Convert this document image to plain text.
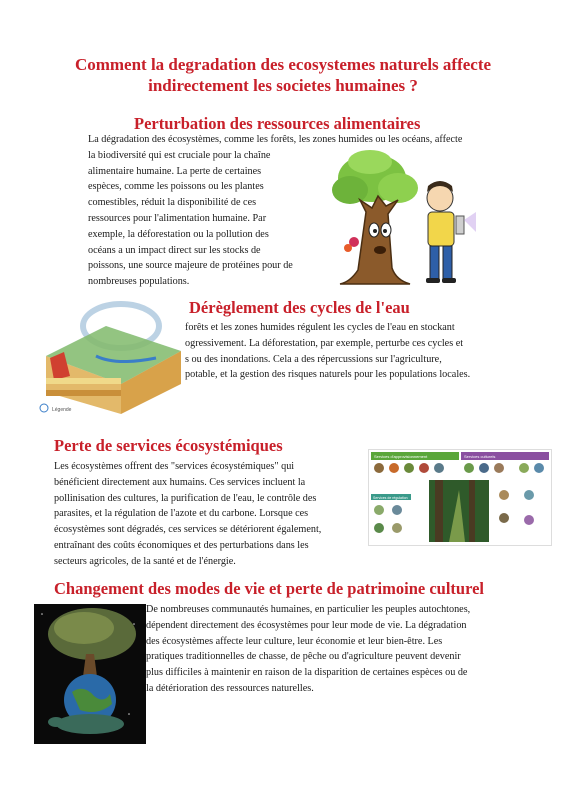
Comment la degradation des ecosystemes naturels affecte indirectement les societes humaines ?
Perturbation des ressources alimentaires
La dégradation des écosystèmes, comme les forêts, les zones humides ou les océans, affecte
la biodiversité qui est cruciale pour la chaîne
alimentaire humaine. La perte de certaines
espèces, comme les poissons ou les plantes
comestibles, réduit la disponibilité de ces
ressources pour l'alimentation humaine. Par
exemple, la déforestation ou la pollution des
océans a un impact direct sur les stocks de
poissons, une source majeure de protéines pour de
nombreuses populations.
Légende
Dérèglement des cycles de l'eau
forêts et les zones humides régulent les cycles de l'eau en stockant
ogressivement. La déforestation, par exemple, perturbe ces cycles et
s ou des inondations. Cela a des répercussions sur l'agriculture,
potable, et la gestion des risques naturels pour les populations locales.
Perte de services écosystémiques
Les écosystèmes offrent des "services écosystémiques" qui
bénéficient directement aux humains. Ces services incluent la
pollinisation des cultures, la purification de l'eau, le contrôle des
parasites, et la régulation de l'azote et du carbone. Lorsque ces
écosystèmes sont dégradés, ces services se détériorent également,
entraînant des coûts économiques et des perturbations dans les
secteurs agricoles, de la santé et de l'énergie.
Services d'approvisionnement	Services culturels
Services de régulation
Changement des modes de vie et perte de patrimoine culturel
De nombreuses communautés humaines, en particulier les peuples autochtones,
dépendent directement des écosystèmes pour leur mode de vie. La dégradation
des écosystèmes affecte leur culture, leur économie et leur bien-être. Les
pratiques traditionnelles de chasse, de pêche ou d'agriculture peuvent devenir
plus difficiles à maintenir en raison de la disparition de certaines espèces ou de
la détérioration des ressources naturelles.
